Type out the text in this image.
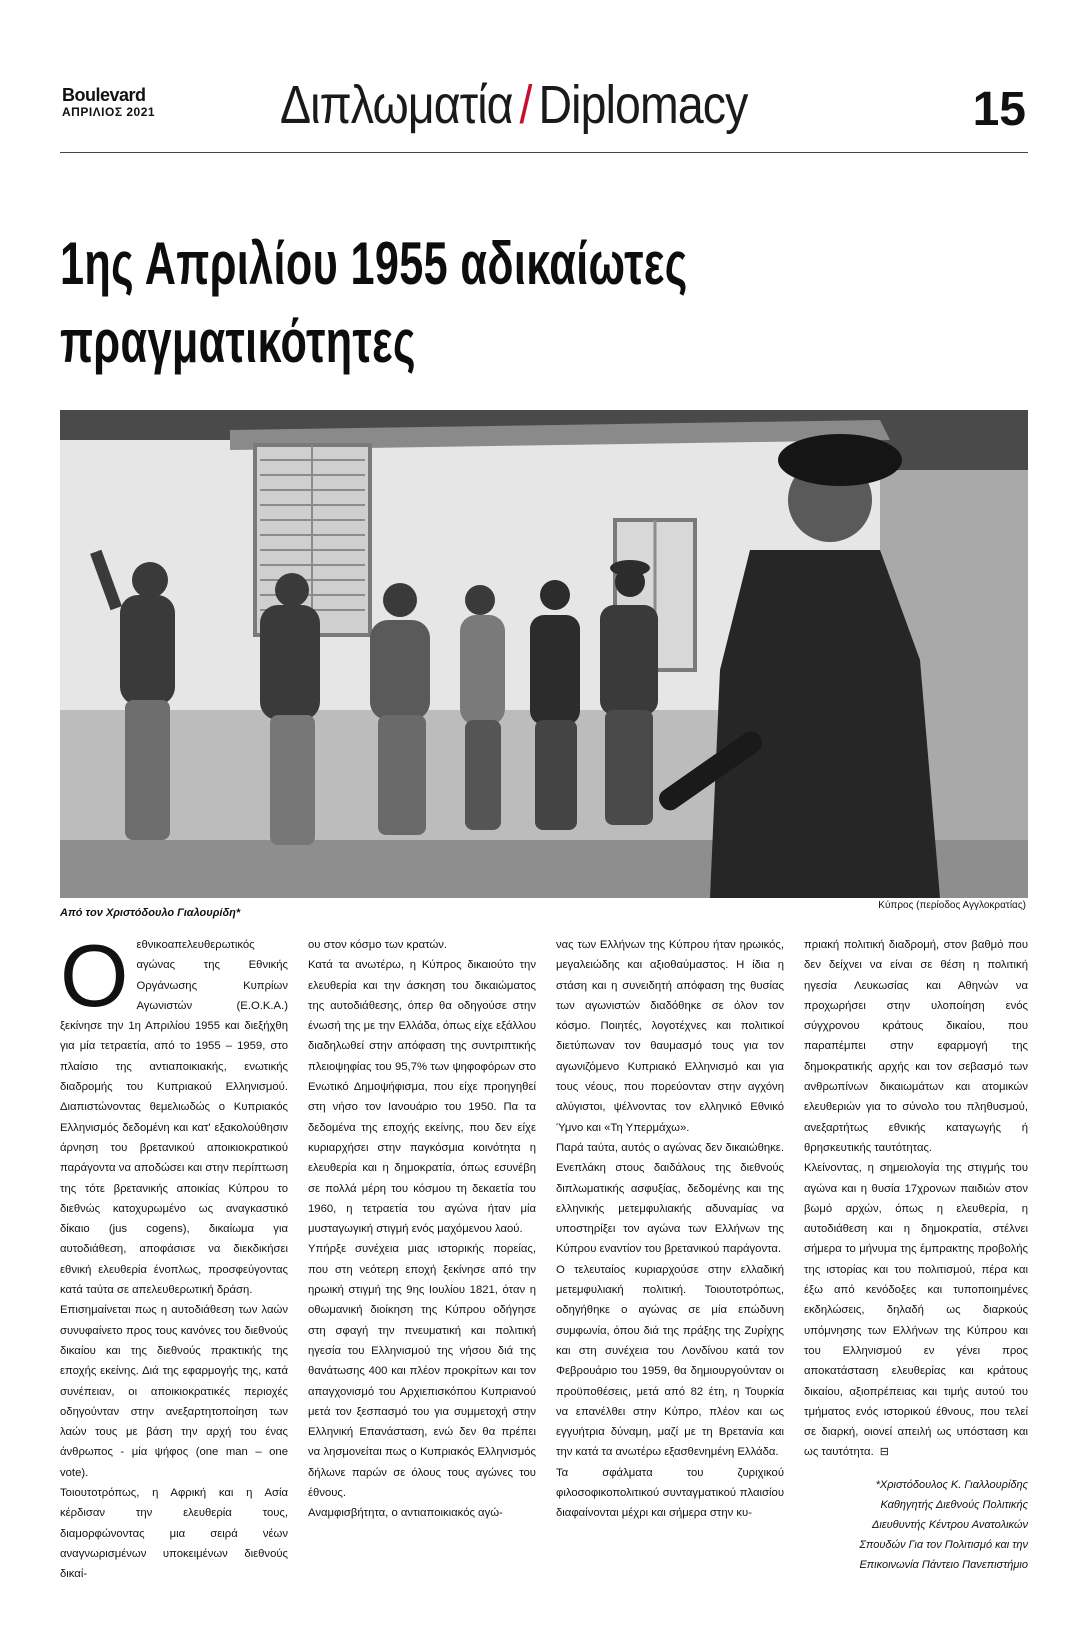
Boulevard
ΑΠΡΙΛΙΟΣ 2021 Διπλωματία / Diplomacy	15
1ης Απριλίου 1955 αδικαίωτες πραγματικότητες
Από τον Χριστόδουλο Γιαλουρίδη*
Κύπρος (περίοδος Αγγλοκρατίας)
Ο εθνικοαπελευθερωτικός αγώνας της Εθνικής Οργάνωσης Κυπρίων Αγωνιστών (Ε.Ο.Κ.Α.) ξεκίνησε την 1η Απριλίου 1955 και διεξήχθη για μία τετραετία, από το 1955 – 1959, στο πλαίσιο της αντιαποικιακής, ενωτικής διαδρομής του Κυπριακού Ελληνισμού. Διαπιστώνοντας θεμελιωδώς ο Κυπριακός Ελληνισμός δεδομένη και κατ' εξακολούθησιν άρνηση του βρετανικού αποικιοκρατικού παράγοντα να αποδώσει και στην περίπτωση της τότε βρετανικής αποικίας Κύπρου το διεθνώς κατοχυρωμένο ως αναγκαστικό δίκαιο (jus cogens), δικαίωμα για αυτοδιάθεση, αποφάσισε να διεκδικήσει εθνική ελευθερία ένοπλως, προσφεύγοντας κατά ταύτα σε απελευθερωτική δράση.

Επισημαίνεται πως η αυτοδιάθεση των λαών συνυφαίνετο προς τους κανόνες του διεθνούς δικαίου και της διεθνούς πρακτικής της εποχής εκείνης. Διά της εφαρμογής της, κατά συνέπειαν, οι αποικιοκρατικές περιοχές οδηγούνταν στην ανεξαρτητοποίηση των λαών τους με βάση την αρχή του ένας άνθρωπος - μία ψήφος (one man – one vote).

Τοιουτοτρόπως, η Αφρική και η Ασία κέρδισαν την ελευθερία τους, διαμορφώνοντας μια σειρά νέων αναγνωρισμένων υποκειμένων διεθνούς δικαί-

ου στον κόσμο των κρατών.

Κατά τα ανωτέρω, η Κύπρος δικαιούτο την ελευθερία και την άσκηση του δικαιώματος της αυτοδιάθεσης, όπερ θα οδηγούσε στην ένωσή της με την Ελλάδα, όπως είχε εξάλλου διαδηλωθεί στην απόφαση της συντριπτικής πλειοψηφίας του 95,7% των ψηφοφόρων στο Ενωτικό Δημοψήφισμα, που είχε προηγηθεί στη νήσο τον Ιανουάριο του 1950. Πα τα δεδομένα της εποχής εκείνης, που δεν είχε κυριαρχήσει στην παγκόσμια κοινότητα η ελευθερία και η δημοκρατία, όπως εσυνέβη σε πολλά μέρη του κόσμου τη δεκαετία του 1960, η τετραετία του αγώνα ήταν μία μυσταγωγική στιγμή ενός μαχόμενου λαού.

Υπήρξε συνέχεια μιας ιστορικής πορείας, που στη νεότερη εποχή ξεκίνησε από την ηρωική στιγμή της 9ης Ιουλίου 1821, όταν η οθωμανική διοίκηση της Κύπρου οδήγησε στη σφαγή την πνευματική και πολιτική ηγεσία του Ελληνισμού της νήσου διά της θανάτωσης 400 και πλέον προκρίτων και τον απαγχονισμό του Αρχιεπισκόπου Κυπριανού μετά τον ξεσπασμό του για συμμετοχή στην Ελληνική Επανάσταση, ενώ δεν θα πρέπει να λησμονείται πως ο Κυπριακός Ελληνισμός δήλωνε παρών σε όλους τους αγώνες του έθνους.

Αναμφισβήτητα, ο αντιαποικιακός αγώ-

νας των Ελλήνων της Κύπρου ήταν ηρωικός, μεγαλειώδης και αξιοθαύμαστος. Η ίδια η στάση και η συνειδητή απόφαση της θυσίας των αγωνιστών διαδόθηκε σε όλον τον κόσμο. Ποιητές, λογοτέχνες και πολιτικοί διετύπωναν τον θαυμασμό τους για τον αγωνιζόμενο Κυπριακό Ελληνισμό και για τους νέους, που πορεύονταν στην αγχόνη αλύγιστοι, ψέλνοντας τον ελληνικό Εθνικό Ύμνο και «Τη Υπερμάχω».

Παρά ταύτα, αυτός ο αγώνας δεν δικαιώθηκε. Ενεπλάκη στους δαιδάλους της διεθνούς διπλωματικής ασφυξίας, δεδομένης και της ελληνικής μετεμφυλιακής αδυναμίας να υποστηρίξει τον αγώνα των Ελλήνων της Κύπρου εναντίον του βρετανικού παράγοντα.

Ο τελευταίος κυριαρχούσε στην ελλαδική μετεμφυλιακή πολιτική. Τοιουτοτρόπως, οδηγήθηκε ο αγώνας σε μία επώδυνη συμφωνία, όπου διά της πράξης της Ζυρίχης και στη συνέχεια του Λονδίνου κατά τον Φεβρουάριο του 1959, θα δημιουργούνταν οι προϋποθέσεις, μετά από 82 έτη, η Τουρκία να επανέλθει στην Κύπρο, πλέον και ως εγγυήτρια δύναμη, μαζί με τη Βρετανία και την κατά τα ανωτέρω εξασθενημένη Ελλάδα.

Τα σφάλματα του ζυριχικού φιλοσοφικοπολιτικού συνταγματικού πλαισίου διαφαίνονται μέχρι και σήμερα στην κυ-

πριακή πολιτική διαδρομή, στον βαθμό που δεν δείχνει να είναι σε θέση η πολιτική ηγεσία Λευκωσίας και Αθηνών να προχωρήσει στην υλοποίηση ενός σύγχρονου κράτους δικαίου, που παραπέμπει στην εφαρμογή της δημοκρατικής αρχής και τον σεβασμό των ανθρωπίνων δικαιωμάτων και ατομικών ελευθεριών για το σύνολο του πληθυσμού, ανεξαρτήτως εθνικής καταγωγής ή θρησκευτικής ταυτότητας.

Κλείνοντας, η σημειολογία της στιγμής του αγώνα και η θυσία 17χρονων παιδιών στον βωμό αρχών, όπως η ελευθερία, η αυτοδιάθεση και η δημοκρατία, στέλνει σήμερα το μήνυμα της έμπρακτης προβολής της ιστορίας και του πολιτισμού, πέρα και έξω από κενόδοξες και τυποποιημένες εκδηλώσεις, δηλαδή ως διαρκούς υπόμνησης των Ελλήνων της Κύπρου και του Ελληνισμού εν γένει προς αποκατάσταση ελευθερίας και κράτους δικαίου, αξιοπρέπειας και τιμής αυτού του τμήματος ενός ιστορικού έθνους, που τελεί σε διαρκή, οιονεί απειλή ως υπόσταση και ως ταυτότητα. ⊟

*Χριστόδουλος Κ. Γιαλλουρίδης
Καθηγητής Διεθνούς Πολιτικής
Διευθυντής Κέντρου Ανατολικών
Σπουδών Για τον Πολιτισμό και την
Επικοινωνία Πάντειο Πανεπιστήμιο
